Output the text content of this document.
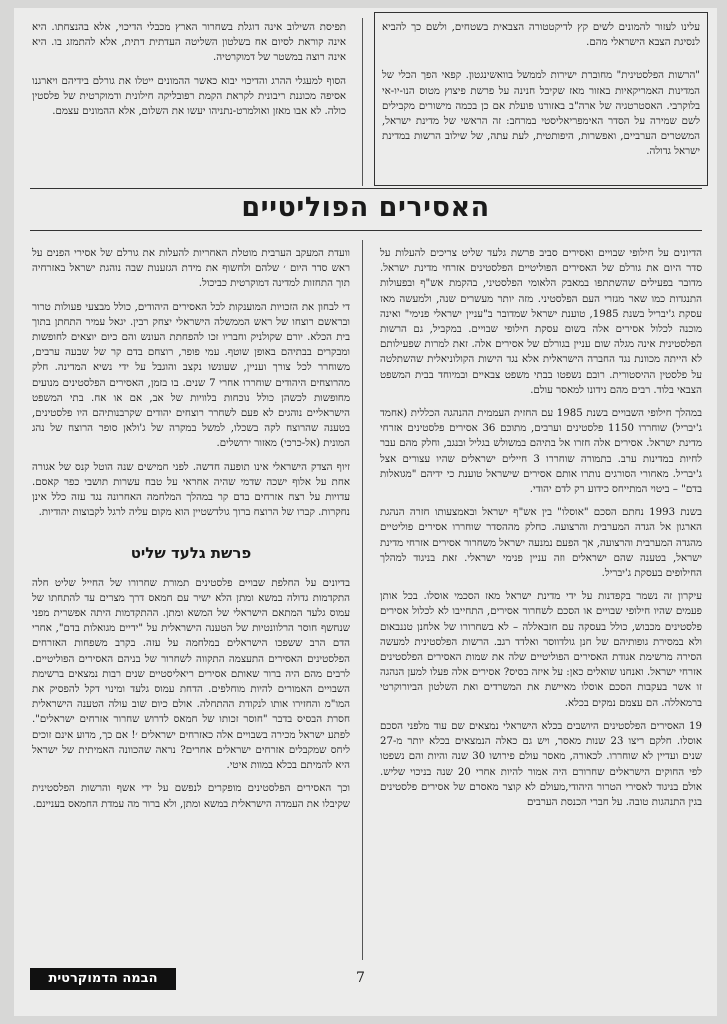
תפיסת השילוב אינה דוגלת בשחרור הארץ מכבלי הדיכוי, אלא בהנצחתו. היא אינה קוראת לסיום אח בשלטון השליטה העדתית דתית, אלא להתמזג בו. היא אינה רוצה במשטר של דמוקרטיה.

הסוף למעגלי ההרג והדיכוי יבוא כאשר ההמונים ייטלו את גורלם בידיהם ויארגנו אסיפה מכוננת ריבונית לקראת הקמת רפובליקה חילונית ודמוקרטית של פלסטין כולה. לא אבו מאזן ואולמרט-נתניהו יעשו את השלום, אלא ההמונים עצמם.

עלינו לעזור להמונים לשים קץ לדיקטטורה הצבאית בשטחים, ולשם כך להביא לנסיגת הצבא הישראלי מהם.

"הרשות הפלסטינית" מחוברת ישירות לממשל בוואשינגטון. קפאי הפך הכלי של המדינות האמריקאיות באזור מאז שקיבל חנינה על פרשת פיצוץ מטוס הנו-יו-אי בלוקרבי. האסטרטגיה של ארה"ב באזורנו פועלת אם כן בכמה מישורים מקבילים לשם שמירה על הסדר האימפריאליסטי במרחב: זה הראשי של מדינת ישראל, המשטרים הערביים, ואפשרות, היפותטית, לעת עתה, של שילוב הרשות במדינת ישראל גדולה.

האסירים הפוליטיים

הדיונים על חילופי שבויים ואסירים סביב פרשת גלעד שליט צריכים להעלות על סדר היום את גורלם של האסירים הפוליטיים הפלסטינים אזרחי מדינת ישראל. מדובר בפעילים שהשתתפו במאבק הלאומי הפלסטיני, בהקמת אש"ף ובפעולות התנגדות כמו שאר מגזרי העם הפלסטיני. מזה יותר מעשרים שנה, ולמעשה מאז עסקת ג'יבריל בשנת 1985, טוענת ישראל שמדובר ב"עניין ישראלי פנימי" ואינה מוכנה לכלול אסירים אלה בשום עסקת חילופי שבויים. במקביל, גם הרשות הפלסטינית אינה מגלה שום עניין בגורלם של אסירים אלה. זאת למרות שפעילותם לא הייתה מכוונת נגד החברה הישראלית אלא נגד הישות הקולוניאלית שהשתלטה על פלסטין ההיסטורית. רובם נשפטו בבתי משפט צבאיים ובמיוחד בבית המשפט הצבאי בלוד. רבים מהם נידונו למאסר עולם.

במהלך חילופי השבויים בשנת 1985 עם החזית העממית ההנהגה הכללית (אחמד ג'יבריל) שוחררו 1150 פלסטינים וערבים, מתוכם 36 אסירים פלסטינים אזרחי מדינת ישראל. אסירים אלה חזרו אל בתיהם במשולש בגליל ובנגב, וחלק מהם עבר לחיות במדינות ערב. בתמורה שוחררו 3 חיילים ישראלים שהיו עצורים אצל ג'יבריל. מאחורי הסורגים נותרו אותם אסירים שישראל טוענת כי ידיהם "מגואלות בדם" – ביטוי המתייחס כידוע רק לדם יהודי.

בשנת 1993 נחתם הסכם "אוסלו" בין אש"ף ישראל ובאמצעותו חזרה הנהגת הארגון אל הגדה המערבית והרצועה. כחלק מההסדר שוחררו אסירים פוליטיים מהגדה המערבית והרצועה, אך הפעם נמנעה ישראל משחרור אסירים אזרחי מדינת ישראל, בטענה שהם ישראלים וזה עניין פנימי ישראלי. זאת בניגוד למהלך החילופים בעסקת ג'יבריל.

עיקרון זה נשמר בקפדנות על ידי מדינת ישראל מאז הסכמי אוסלו. בכל אותן פעמים שהיו חילופי שבויים או הסכם לשחרור אסירים, התחייבו לא לכלול אסירים פלסטינים מכבוש, כולל בעסקה עם חזבאללה – לא בשחרורו של אלחנן טננבאום ולא במסירת גופותיהם של חנן גולדווסר ואלדד רגב. הרשות הפלסטינית למעשה הסירה מרשימת אגודת האסירים הפוליטיים שלה את שמות האסירים הפלסטינים אזרחי ישראל. ואנחנו שואלים כאן: על איזה בסיס? אסירים אלה פעלו למען הנהגה זו אשר בעקבות הסכם אוסלו מאיישת את המשרדים ואת השלטון הביורוקרטי ברמאללה. הם עצמם נמקים בכלא.

19 האסירים הפלסטינים היושבים בכלא הישראלי נמצאים שם עוד מלפני הסכם אוסלו. חלקם ריצו 23 שנות מאסר, ויש גם כאלה הנמצאים בכלא יותר מ-27 שנים ועדיין לא שוחררו. לכאורה, מאסר עולם פירושו 30 שנה והיות והם נשפטו לפי החוקים הישראלים שחרורם היה אמור להיות אחרי 20 שנה בניכוי שליש. אולם בניגוד לאסירי הטרור היהודי,מעולם לא קוצר מאסרם של אסירים פלסטינים בגין התנהגות טובה. על חברי הכנסת הערבים

וועדת המעקב הערבית מוטלת האחריות להעלות את גורלם של אסירי הפנים על ראש סדר היום ׳ שלהם ולחשוף את מידת הגזענות שבה נוהגת ישראל באזרחיה תוך התחזות למדינה דמוקרטית כביכול.

די לבחון את הזכויות המוענקות לכל האסירים היהודים, כולל מבצעי פעולות טרור ובראשם רוצחו של ראש הממשלה הישראלי יצחק רבין. יגאל עמיר התחתן בתוך בית הכלא. יורם שקולניק וחבריו זכו להפחתת העונש והם כיום יוצאים לחופשות ומבקרים בבתיהם באופן שוטף. עמי פופר, רוצחם בדם קר של שבעה ערבים, משוחרר לכל צורך ועניין, שעונשו נקצב והוגבל על ידי נשיא המדינה. חלק מהרוצחים היהודים שוחררו אחרי 7 שנים. בו בזמן, האסירים הפלסטינים מנועים מחופשות לכשהן כולל נוכחות בלוויות של אב, אם או אח. בתי המשפט הישראליים נוהגים לא פעם לשחרר רוצחים יהודים שקרבנותיהם היו פלסטינים, בטענה שהרוצח לקה בשכלו, למשל במקרה של ג'ולאן סופר הרוצח של נהג המונית (אל-כרכי) מאזור ירושלים.

זיוף הצדק הישראלי אינו תופעה חדשה. לפני חמישים שנה הוטל קנס של אגורה אחת על אלוף ישכה שדמי שהיה אחראי על טבח עשרות תושבי כפר קאסם. עדויות על רצח אזרחים בדם קר במהלך המלחמה האחרונה נגד עזה כלל אינן נחקרות. קברו של הרוצח ברוך גולדשטיין הוא מקום עליה לרגל לקבוצות יהודיות.

פרשת גלעד שליט

בדיונים על החלפת שבויים פלסטינים תמורת שחרורו של החייל שליט חלה התקדמות גדולה במשא ומתן הלא ישיר עם חמאס דרך מצרים עד להתחתו של עמוס גלעד המתאם הישראלי של המשא ומתן. ההתקדמות היתה אפשרית מפני שנחשף חוסר הרלוונטיות של הטענה הישראלית על "ידיים מגואלות בדם", אחרי הדם הרב ששפכו הישראלים במלחמה על עזה. בקרב משפחות האזרחים הפלסטינים האסירים התעצמה התקווה לשחרור של בניהם האסירים הפוליטיים. לרבים מהם היה ברור שאותם אסירים ריאליסטיים שנים רבות נמצאים ברשימת השבויים האמורים להיות מוחלפים. הדחת עמוס גלעד ומינוי דקל להפסיק את המו"מ והחזירו אותו לנקודת ההתחלה. אולם כיום שוב עולה הטענה הישראלית חסרת הבסיס בדבר "חוסר זכותו של חמאס לדרוש שחרור אזרחים ישראלים". לפתע ישראל מכירה בשבויים אלה כאזרחים ישראלים ׳! אם כך, מדוע אינם זוכים ליחס שמקבלים אזרחים ישראלים אחרים? נראה שהכוונה האמיתית של ישראל היא להמיתם בכלא במוות איטי.

וכך האסירים הפלסטינים מופקרים לנפשם על ידי אשף והרשות הפלסטינית שקיבלו את העמדה הישראלית במשא ומתן, ולא ברור מה עמדת החמאס בעניינם.

הבמה הדמוקרטית	7
